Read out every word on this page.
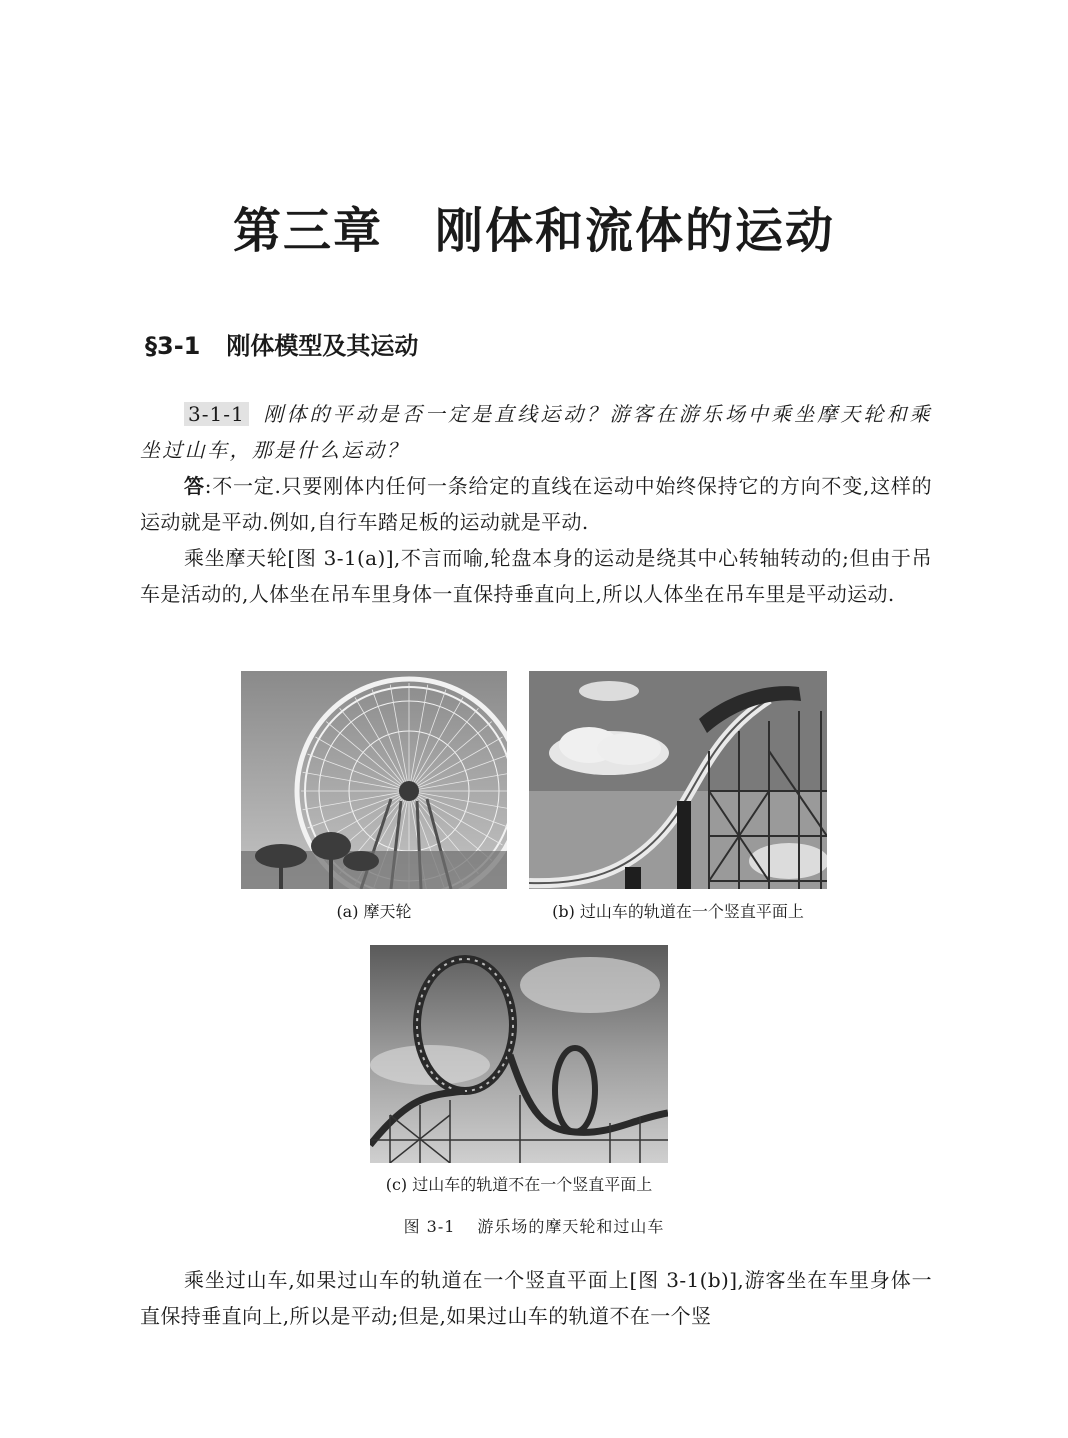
第三章 刚体和流体的运动
§3-1 刚体模型及其运动
3-1-1 刚体的平动是否一定是直线运动？游客在游乐场中乘坐摩天轮和乘坐过山车，那是什么运动？
答:不一定.只要刚体内任何一条给定的直线在运动中始终保持它的方向不变,这样的运动就是平动.例如,自行车踏足板的运动就是平动.
乘坐摩天轮[图 3-1(a)],不言而喻,轮盘本身的运动是绕其中心转轴转动的;但由于吊车是活动的,人体坐在吊车里身体一直保持垂直向上,所以人体坐在吊车里是平动运动.
(a) 摩天轮	(b) 过山车的轨道在一个竖直平面上
(c) 过山车的轨道不在一个竖直平面上
图 3-1 游乐场的摩天轮和过山车
乘坐过山车,如果过山车的轨道在一个竖直平面上[图 3-1(b)],游客坐在车里身体一直保持垂直向上,所以是平动;但是,如果过山车的轨道不在一个竖
